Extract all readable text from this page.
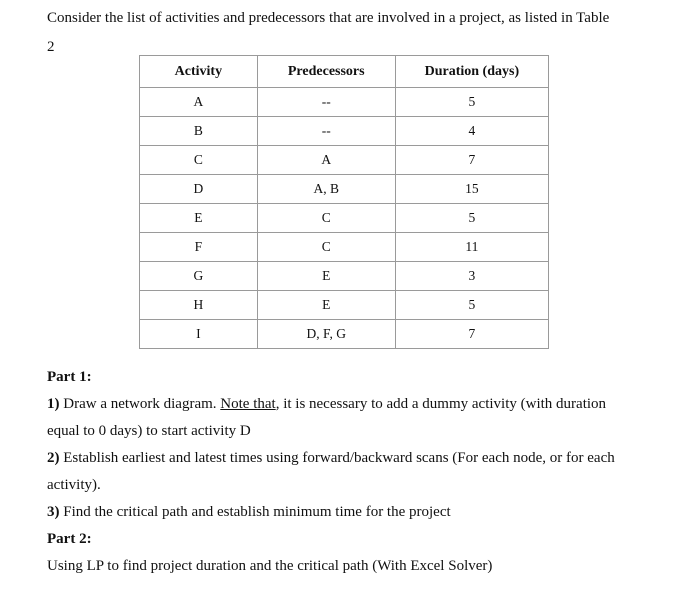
Consider the list of activities and predecessors that are involved in a project, as listed in Table
2
Activity	Predecessors	Duration (days)
A	--	5
B	--	4
C	A	7
D	A, B	15
E	C	5
F	C	11
G	E	3
H	E	5
I	D, F, G	7

Part 1:

1) Draw a network diagram. Note that, it is necessary to add a dummy activity (with duration

equal to 0 days) to start activity D

2) Establish earliest and latest times using forward/backward scans (For each node, or for each

activity).

3) Find the critical path and establish minimum time for the project

Part 2:

Using LP to find project duration and the critical path (With Excel Solver)
